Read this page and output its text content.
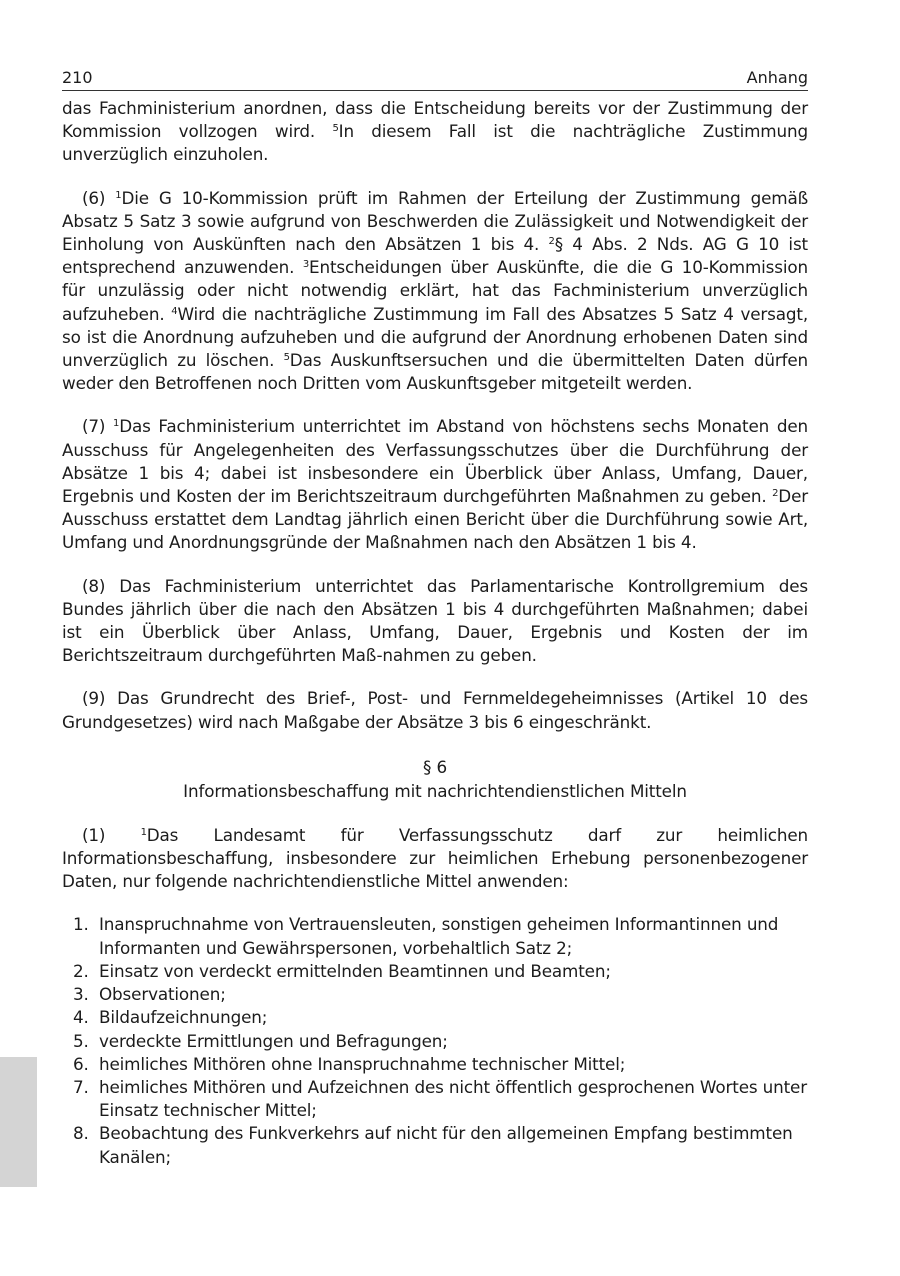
210	Anhang

das Fachministerium anordnen, dass die Entscheidung bereits vor der Zustimmung der Kommission vollzogen wird. $^5$In diesem Fall ist die nachträgliche Zustimmung unverzüglich einzuholen.

(6) $^1$Die G 10-Kommission prüft im Rahmen der Erteilung der Zustimmung gemäß Absatz 5 Satz 3 sowie aufgrund von Beschwerden die Zulässigkeit und Notwendigkeit der Einholung von Auskünften nach den Absätzen 1 bis 4. $^2$§ 4 Abs. 2 Nds. AG G 10 ist entsprechend anzuwenden. $^3$Entscheidungen über Auskünfte, die die G 10-Kommission für unzulässig oder nicht notwendig erklärt, hat das Fachministerium unverzüglich aufzuheben. $^4$Wird die nachträgliche Zustimmung im Fall des Absatzes 5 Satz 4 versagt, so ist die Anordnung aufzuheben und die aufgrund der Anordnung erhobenen Daten sind unverzüglich zu löschen. $^5$Das Auskunftsersuchen und die übermittelten Daten dürfen weder den Betroffenen noch Dritten vom Auskunftsgeber mitgeteilt werden.

(7) $^1$Das Fachministerium unterrichtet im Abstand von höchstens sechs Monaten den Ausschuss für Angelegenheiten des Verfassungsschutzes über die Durchführung der Absätze 1 bis 4; dabei ist insbesondere ein Überblick über Anlass, Umfang, Dauer, Ergebnis und Kosten der im Berichtszeitraum durchgeführten Maßnahmen zu geben. $^2$Der Ausschuss erstattet dem Landtag jährlich einen Bericht über die Durchführung sowie Art, Umfang und Anordnungsgründe der Maßnahmen nach den Absätzen 1 bis 4.

(8) Das Fachministerium unterrichtet das Parlamentarische Kontrollgremium des Bundes jährlich über die nach den Absätzen 1 bis 4 durchgeführten Maßnahmen; dabei ist ein Überblick über Anlass, Umfang, Dauer, Ergebnis und Kosten der im Berichtszeitraum durchgeführten Maß-nahmen zu geben.

(9) Das Grundrecht des Brief-, Post- und Fernmeldegeheimnisses (Artikel 10 des Grundgesetzes) wird nach Maßgabe der Absätze 3 bis 6 eingeschränkt.

§ 6
Informationsbeschaffung mit nachrichtendienstlichen Mitteln

(1) $^1$Das Landesamt für Verfassungsschutz darf zur heimlichen Informationsbeschaffung, insbesondere zur heimlichen Erhebung personenbezogener Daten, nur folgende nachrichtendienstliche Mittel anwenden:

1. Inanspruchnahme von Vertrauensleuten, sonstigen geheimen Informantinnen und Informanten und Gewährspersonen, vorbehaltlich Satz 2;
2. Einsatz von verdeckt ermittelnden Beamtinnen und Beamten;
3. Observationen;
4. Bildaufzeichnungen;
5. verdeckte Ermittlungen und Befragungen;
6. heimliches Mithören ohne Inanspruchnahme technischer Mittel;
7. heimliches Mithören und Aufzeichnen des nicht öffentlich gesprochenen Wortes unter Einsatz technischer Mittel;
8. Beobachtung des Funkverkehrs auf nicht für den allgemeinen Empfang bestimmten Kanälen;
